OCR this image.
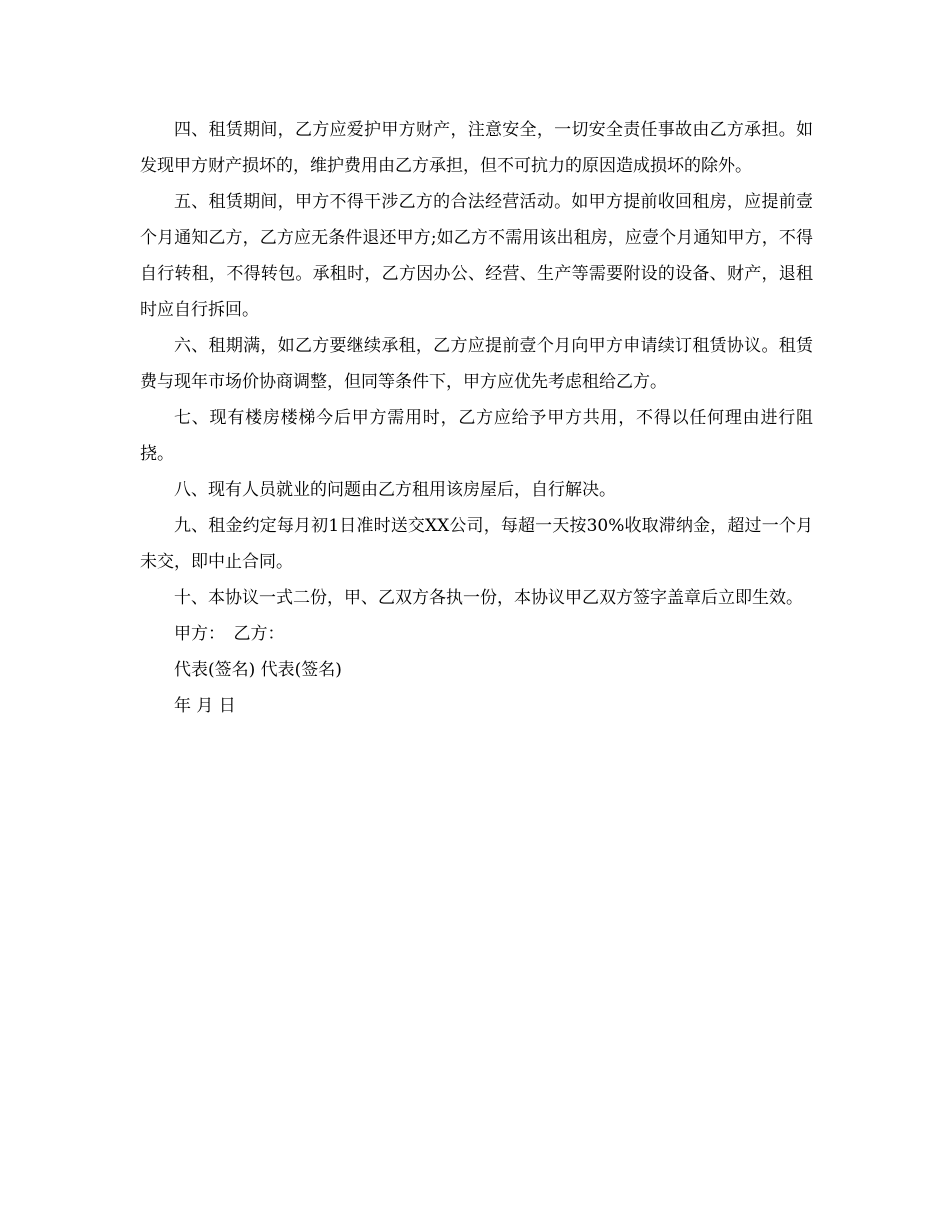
四、租赁期间，乙方应爱护甲方财产，注意安全，一切安全责任事故由乙方承担。如发现甲方财产损坏的，维护费用由乙方承担，但不可抗力的原因造成损坏的除外。

五、租赁期间，甲方不得干涉乙方的合法经营活动。如甲方提前收回租房，应提前壹个月通知乙方，乙方应无条件退还甲方;如乙方不需用该出租房，应壹个月通知甲方，不得自行转租，不得转包。承租时，乙方因办公、经营、生产等需要附设的设备、财产，退租时应自行拆回。

六、租期满，如乙方要继续承租，乙方应提前壹个月向甲方申请续订租赁协议。租赁费与现年市场价协商调整，但同等条件下，甲方应优先考虑租给乙方。

七、现有楼房楼梯今后甲方需用时，乙方应给予甲方共用，不得以任何理由进行阻挠。

八、现有人员就业的问题由乙方租用该房屋后，自行解决。

九、租金约定每月初1日准时送交XX公司，每超一天按30%收取滞纳金，超过一个月未交，即中止合同。

十、本协议一式二份，甲、乙双方各执一份，本协议甲乙双方签字盖章后立即生效。

甲方：　乙方：

代表(签名) 代表(签名)

年 月 日
